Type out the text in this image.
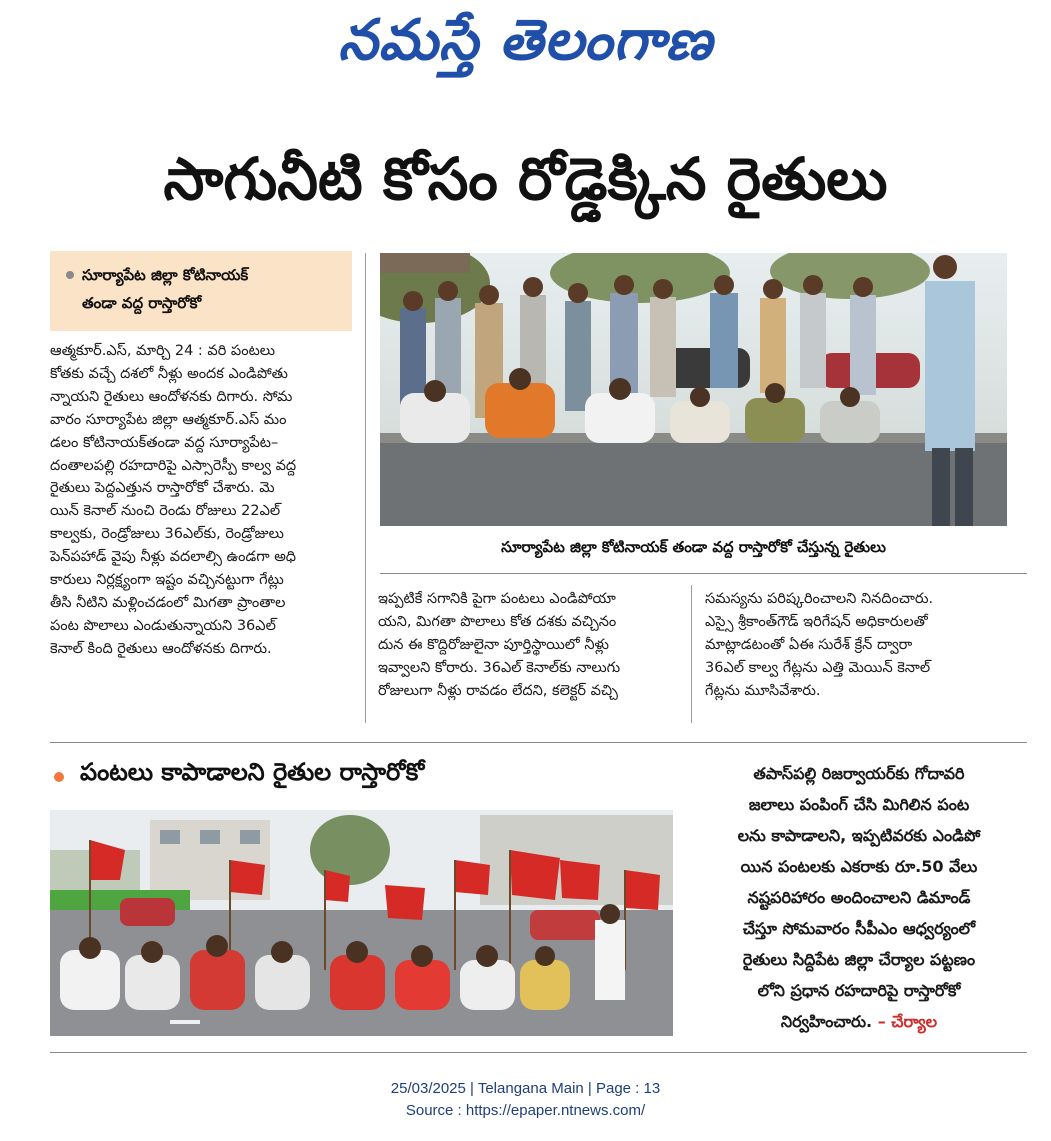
నమస్తే తెలంగాణ
సాగునీటి కోసం రోడ్డెక్కిన రైతులు
సూర్యాపేట జిల్లా కోటినాయక్
తండా వద్ద రాస్తారోకో
సూర్యాపేట జిల్లా కోటినాయక్ తండా వద్ద రాస్తారోకో చేస్తున్న రైతులు
ఆత్మకూర్.ఎస్, మార్చి 24 : వరి పంటలు
కోతకు వచ్చే దశలో నీళ్లు అందక ఎండిపోతు
న్నాయని రైతులు ఆందోళనకు దిగారు. సోమ
వారం సూర్యాపేట జిల్లా ఆత్మకూర్.ఎస్ మం
డలం కోటినాయక్‌తండా వద్ద సూర్యాపేట–
దంతాలపల్లి రహదారిపై ఎస్సారెస్పీ కాల్వ వద్ద
రైతులు పెద్దఎత్తున రాస్తారోకో చేశారు. మె
యిన్ కెనాల్ నుంచి రెండు రోజులు 22ఎల్
కాల్వకు, రెండ్రోజులు 36ఎల్‌కు, రెండ్రోజులు
పెన్‌పహాడ్ వైపు నీళ్లు వదలాల్సి ఉండగా అధి
కారులు నిర్లక్ష్యంగా ఇష్టం వచ్చినట్టుగా గేట్లు
తీసి నీటిని మళ్లించడంలో మిగతా ప్రాంతాల
పంట పొలాలు ఎండుతున్నాయని 36ఎల్
కెనాల్ కింది రైతులు ఆందోళనకు దిగారు.
ఇప్పటికే సగానికి పైగా పంటలు ఎండిపోయా
యని, మిగతా పొలాలు కోత దశకు వచ్చినం
దున ఈ కొద్దిరోజులైనా పూర్తిస్థాయిలో నీళ్లు
ఇవ్వాలని కోరారు. 36ఎల్ కెనాల్‌కు నాలుగు
రోజులుగా నీళ్లు రావడం లేదని, కలెక్టర్ వచ్చి
సమస్యను పరిష్కరించాలని నినదించారు.
ఎస్సై శ్రీకాంత్‌గౌడ్ ఇరిగేషన్ అధికారులతో
మాట్లాడటంతో ఏఈ సురేశ్ క్రేన్ ద్వారా
36ఎల్ కాల్వ గేట్లను ఎత్తి మెయిన్ కెనాల్
గేట్లను మూసివేశారు.
పంటలు కాపాడాలని రైతుల రాస్తారోకో	తపాస్‌పల్లి రిజర్వాయర్‌కు గోదావరి
జలాలు పంపింగ్ చేసి మిగిలిన పంట
లను కాపాడాలని, ఇప్పటివరకు ఎండిపో
యిన పంటలకు ఎకరాకు రూ.50 వేలు
నష్టపరిహారం అందించాలని డిమాండ్
చేస్తూ సోమవారం సీపీఎం ఆధ్వర్యంలో
రైతులు సిద్దిపేట జిల్లా చేర్యాల పట్టణం
లోని ప్రధాన రహదారిపై రాస్తారోకో
నిర్వహించారు. – చేర్యాల
25/03/2025 | Telangana Main | Page : 13
Source : https://epaper.ntnews.com/
